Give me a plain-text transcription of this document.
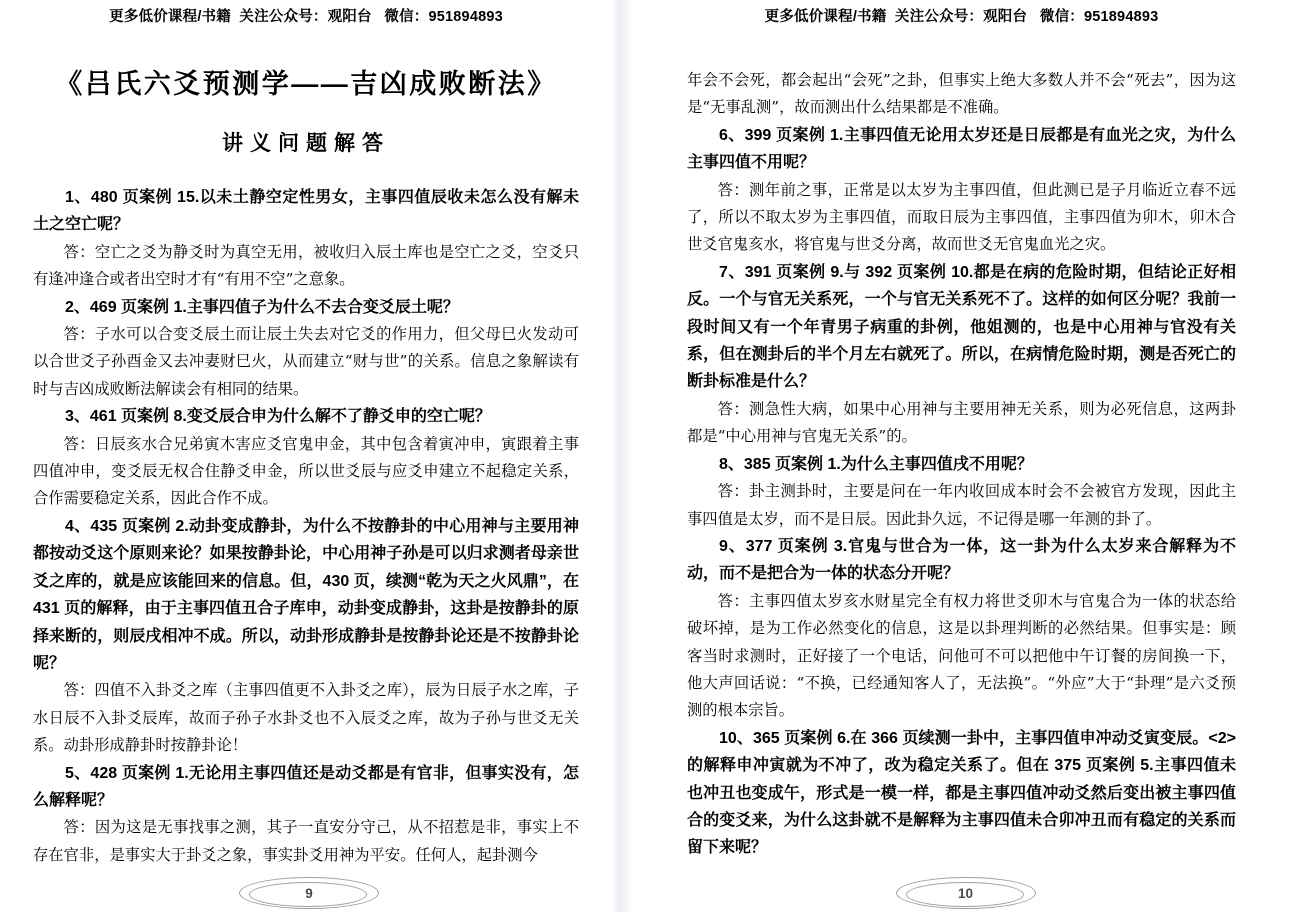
更多低价课程/书籍  关注公众号：观阳台   微信：951894893
《吕氏六爻预测学——吉凶成败断法》
讲义问题解答

1、480 页案例 15.以未土静空定性男女，主事四值辰收未怎么没有解未土之空亡呢？

答：空亡之爻为静爻时为真空无用，被收归入辰土库也是空亡之爻，空爻只有逢冲逢合或者出空时才有“有用不空”之意象。

2、469 页案例 1.主事四值子为什么不去合变爻辰土呢？

答：子水可以合变爻辰土而让辰土失去对它爻的作用力，但父母巳火发动可以合世爻子孙酉金又去冲妻财巳火，从而建立“财与世”的关系。信息之象解读有时与吉凶成败断法解读会有相同的结果。

3、461 页案例 8.变爻辰合申为什么解不了静爻申的空亡呢？

答：日辰亥水合兄弟寅木害应爻官鬼申金，其中包含着寅冲申，寅跟着主事四值冲申，变爻辰无权合住静爻申金，所以世爻辰与应爻申建立不起稳定关系，合作需要稳定关系，因此合作不成。

4、435 页案例 2.动卦变成静卦，为什么不按静卦的中心用神与主要用神都按动爻这个原则来论？如果按静卦论，中心用神子孙是可以归求测者母亲世爻之库的，就是应该能回来的信息。但，430 页，续测“乾为天之火风鼎”，在 431 页的解释，由于主事四值丑合子库申，动卦变成静卦，这卦是按静卦的原择来断的，则辰戌相冲不成。所以，动卦形成静卦是按静卦论还是不按静卦论呢？

答：四值不入卦爻之库（主事四值更不入卦爻之库），辰为日辰子水之库，子水日辰不入卦爻辰库，故而子孙子水卦爻也不入辰爻之库，故为子孙与世爻无关系。动卦形成静卦时按静卦论！

5、428 页案例 1.无论用主事四值还是动爻都是有官非，但事实没有，怎么解释呢？

答：因为这是无事找事之测，其子一直安分守己，从不招惹是非，事实上不存在官非，是事实大于卦爻之象，事实卦爻用神为平安。任何人，起卦测今

9
更多低价课程/书籍  关注公众号：观阳台   微信：951894893

年会不会死，都会起出“会死”之卦，但事实上绝大多数人并不会“死去”，因为这是“无事乱测”，故而测出什么结果都是不准确。

6、399 页案例 1.主事四值无论用太岁还是日辰都是有血光之灾，为什么主事四值不用呢？

答：测年前之事，正常是以太岁为主事四值，但此测已是子月临近立春不远了，所以不取太岁为主事四值，而取日辰为主事四值，主事四值为卯木，卯木合世爻官鬼亥水，将官鬼与世爻分离，故而世爻无官鬼血光之灾。

7、391 页案例 9.与 392 页案例 10.都是在病的危险时期，但结论正好相反。一个与官无关系死，一个与官无关系死不了。这样的如何区分呢？我前一段时间又有一个年青男子病重的卦例，他姐测的，也是中心用神与官没有关系，但在测卦后的半个月左右就死了。所以，在病情危险时期，测是否死亡的断卦标准是什么？

答：测急性大病，如果中心用神与主要用神无关系，则为必死信息，这两卦都是“中心用神与官鬼无关系”的。

8、385 页案例 1.为什么主事四值戌不用呢？

答：卦主测卦时，主要是问在一年内收回成本时会不会被官方发现，因此主事四值是太岁，而不是日辰。因此卦久远，不记得是哪一年测的卦了。

9、377 页案例 3.官鬼与世合为一体，这一卦为什么太岁来合解释为不动，而不是把合为一体的状态分开呢？

答：主事四值太岁亥水财星完全有权力将世爻卯木与官鬼合为一体的状态给破坏掉，是为工作必然变化的信息，这是以卦理判断的必然结果。但事实是：顾客当时求测时，正好接了一个电话，问他可不可以把他中午订餐的房间换一下，他大声回话说：“不换，已经通知客人了，无法换”。“外应”大于“卦理”是六爻预测的根本宗旨。

10、365 页案例 6.在 366 页续测一卦中，主事四值申冲动爻寅变辰。<2>的解释申冲寅就为不冲了，改为稳定关系了。但在 375 页案例 5.主事四值未也冲丑也变成午，形式是一模一样，都是主事四值冲动爻然后变出被主事四值合的变爻来，为什么这卦就不是解释为主事四值未合卯冲丑而有稳定的关系而留下来呢？

10
